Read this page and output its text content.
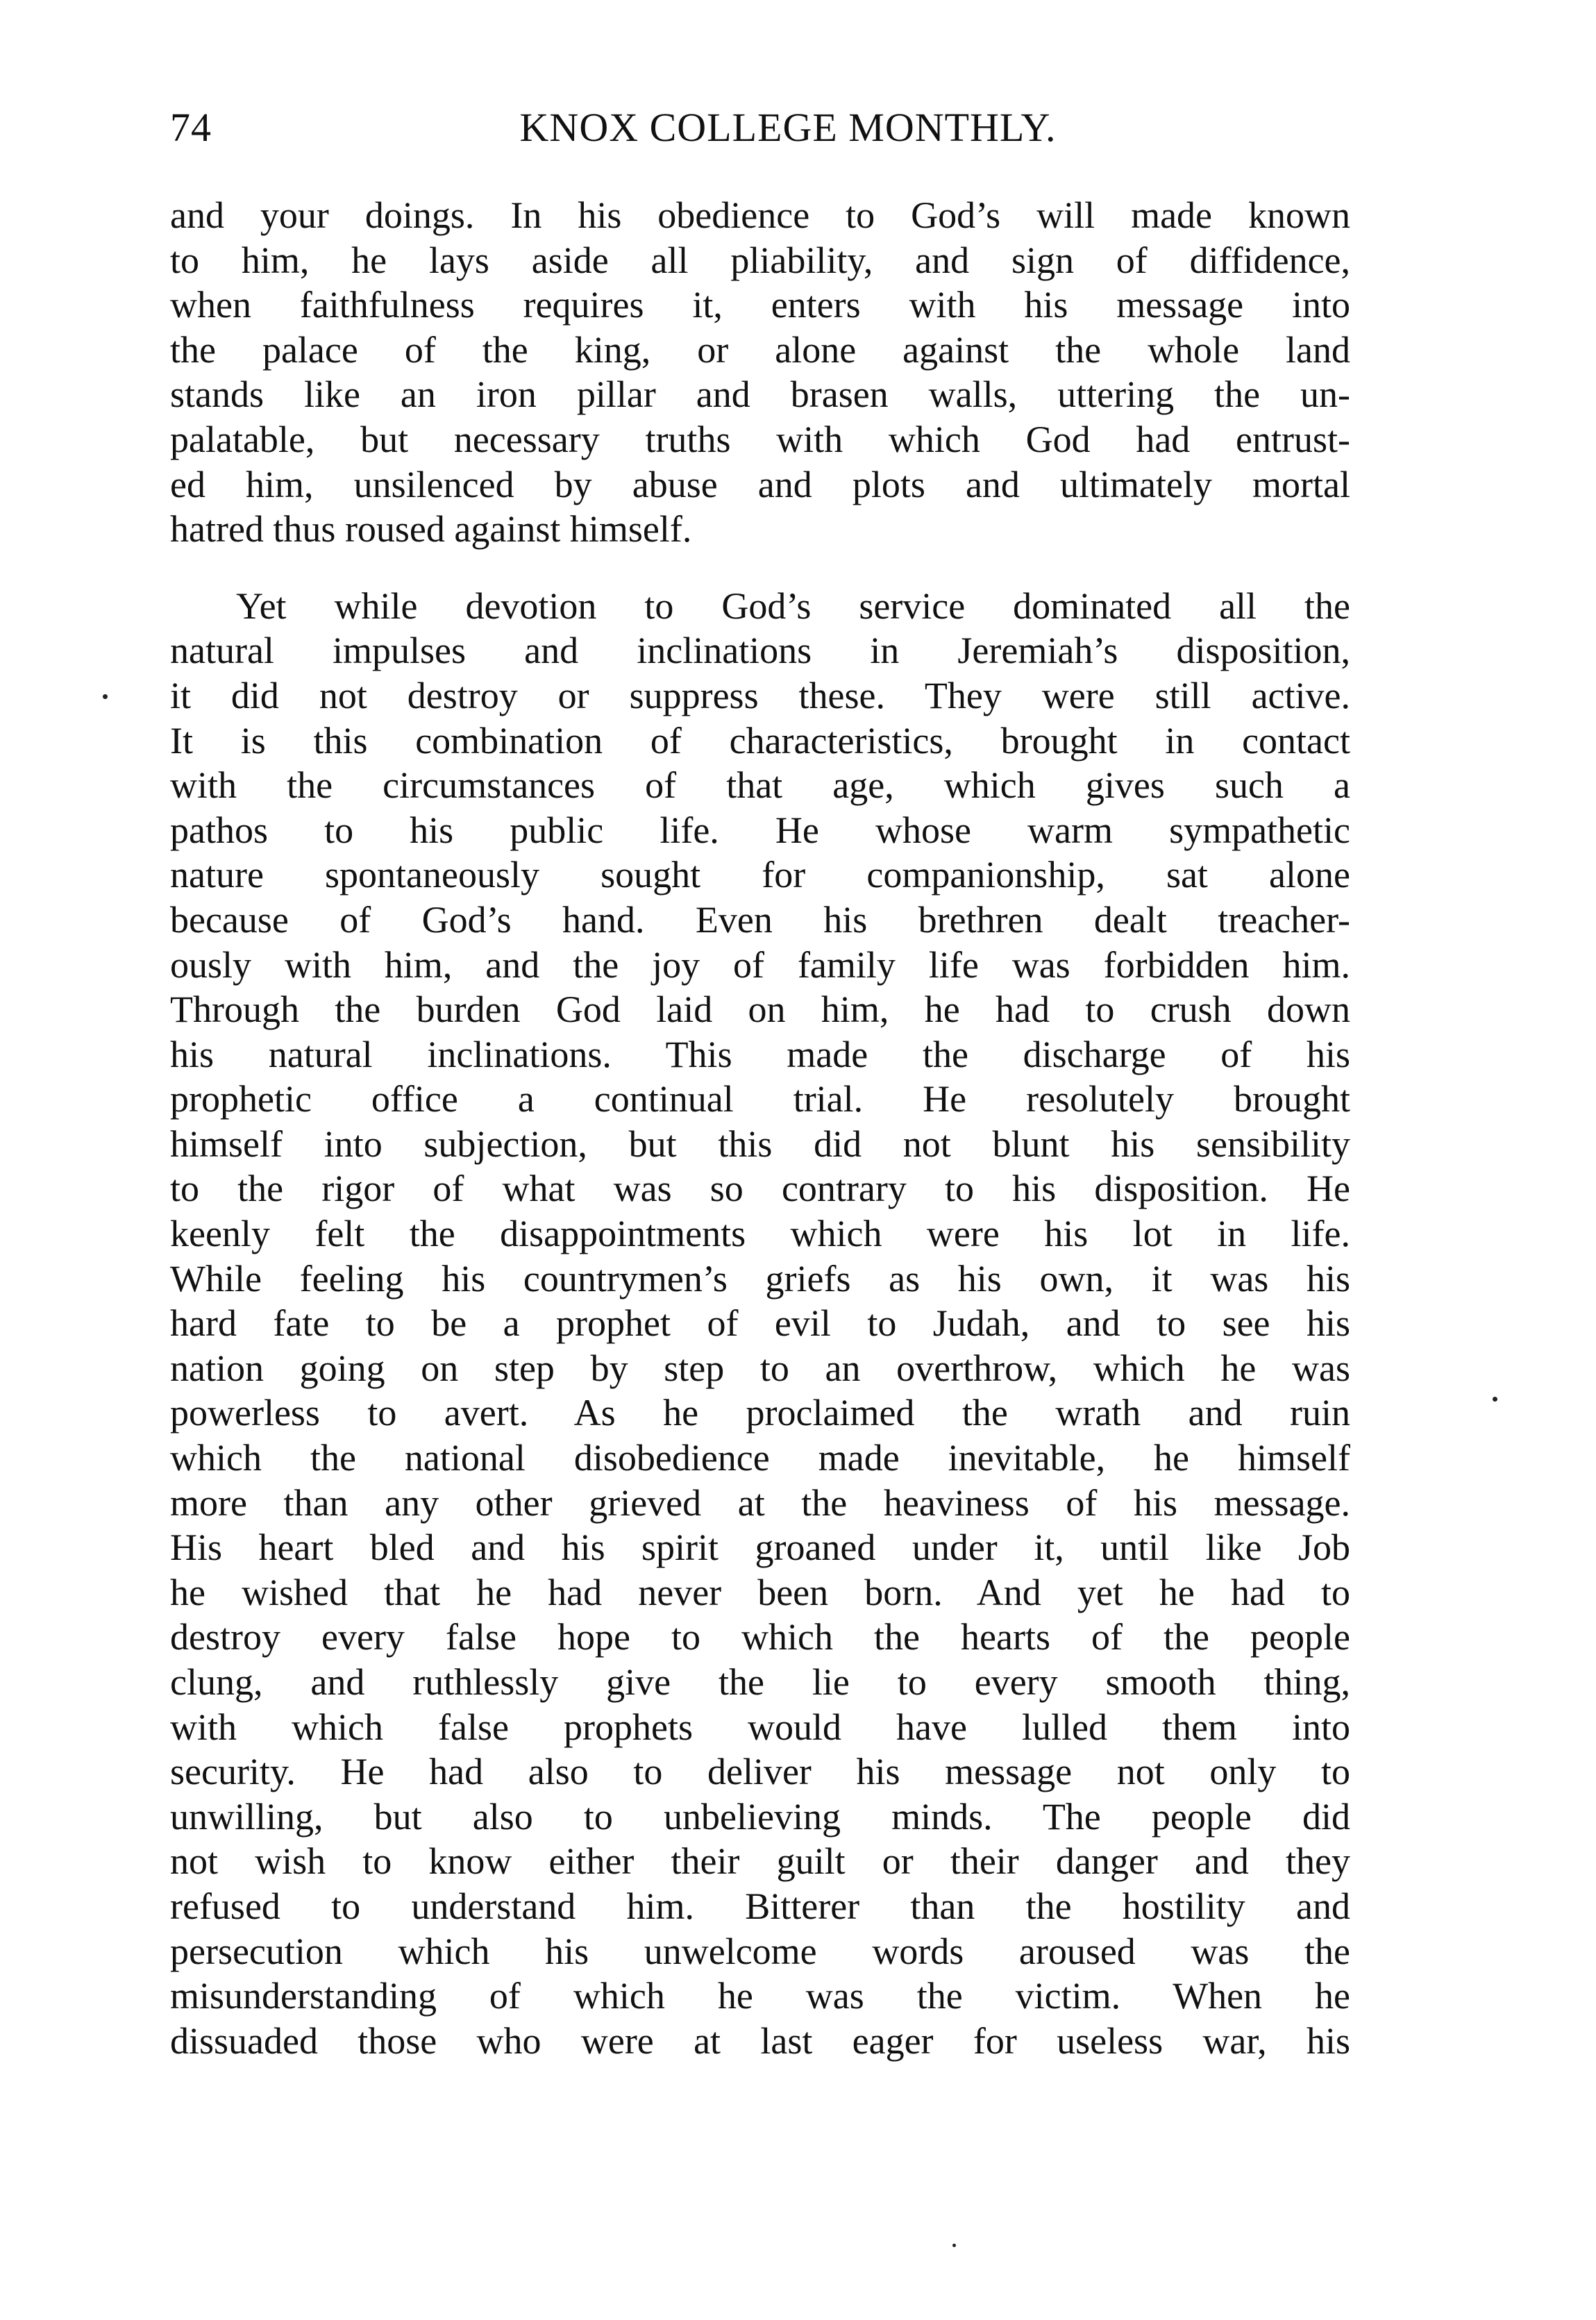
74	KNOX COLLEGE MONTHLY.
and your doings. In his obedience to God’s will made known
to him, he lays aside all pliability, and sign of diffidence,
when faithfulness requires it, enters with his message into
the palace of the king, or alone against the whole land
stands like an iron pillar and brasen walls, uttering the un-
palatable, but necessary truths with which God had entrust-
ed him, unsilenced by abuse and plots and ultimately mortal
hatred thus roused against himself.
Yet while devotion to God’s service dominated all the
natural impulses and inclinations in Jeremiah’s disposition,
it did not destroy or suppress these. They were still active.
It is this combination of characteristics, brought in contact
with the circumstances of that age, which gives such a
pathos to his public life. He whose warm sympathetic
nature spontaneously sought for companionship, sat alone
because of God’s hand. Even his brethren dealt treacher-
ously with him, and the joy of family life was forbidden him.
Through the burden God laid on him, he had to crush down
his natural inclinations. This made the discharge of his
prophetic office a continual trial. He resolutely brought
himself into subjection, but this did not blunt his sensibility
to the rigor of what was so contrary to his disposition. He
keenly felt the disappointments which were his lot in life.
While feeling his countrymen’s griefs as his own, it was his
hard fate to be a prophet of evil to Judah, and to see his
nation going on step by step to an overthrow, which he was
powerless to avert. As he proclaimed the wrath and ruin
which the national disobedience made inevitable, he himself
more than any other grieved at the heaviness of his message.
His heart bled and his spirit groaned under it, until like Job
he wished that he had never been born. And yet he had to
destroy every false hope to which the hearts of the people
clung, and ruthlessly give the lie to every smooth thing,
with which false prophets would have lulled them into
security. He had also to deliver his message not only to
unwilling, but also to unbelieving minds. The people did
not wish to know either their guilt or their danger and they
refused to understand him. Bitterer than the hostility and
persecution which his unwelcome words aroused was the
misunderstanding of which he was the victim. When he
dissuaded those who were at last eager for useless war, his
